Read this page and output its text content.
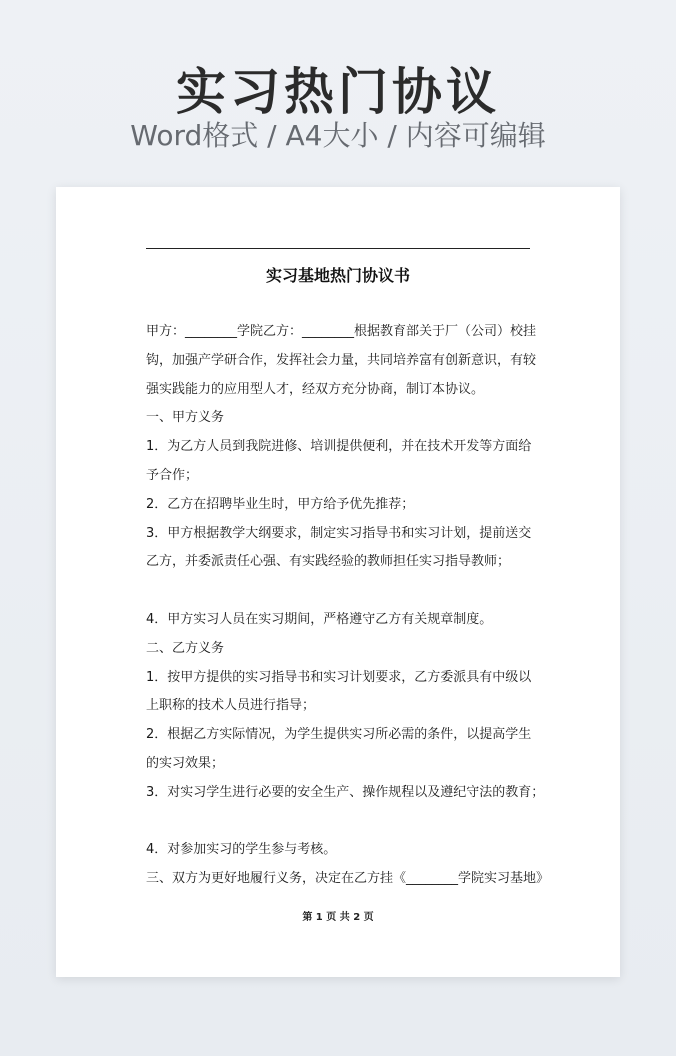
实习热门协议
Word格式 / A4大小 / 内容可编辑
实习基地热门协议书
甲方：________学院乙方：________根据教育部关于厂（公司）校挂
钩，加强产学研合作，发挥社会力量，共同培养富有创新意识，有较
强实践能力的应用型人才，经双方充分协商，制订本协议。
一、甲方义务
1．为乙方人员到我院进修、培训提供便利，并在技术开发等方面给
予合作；
2．乙方在招聘毕业生时，甲方给予优先推荐；
3．甲方根据教学大纲要求，制定实习指导书和实习计划，提前送交
乙方，并委派责任心强、有实践经验的教师担任实习指导教师；
4．甲方实习人员在实习期间，严格遵守乙方有关规章制度。
二、乙方义务
1．按甲方提供的实习指导书和实习计划要求，乙方委派具有中级以
上职称的技术人员进行指导；
2．根据乙方实际情况，为学生提供实习所必需的条件，以提高学生
的实习效果；
3．对实习学生进行必要的安全生产、操作规程以及遵纪守法的教育；
4．对参加实习的学生参与考核。
三、双方为更好地履行义务，决定在乙方挂《________学院实习基地》
第 1 页 共 2 页
